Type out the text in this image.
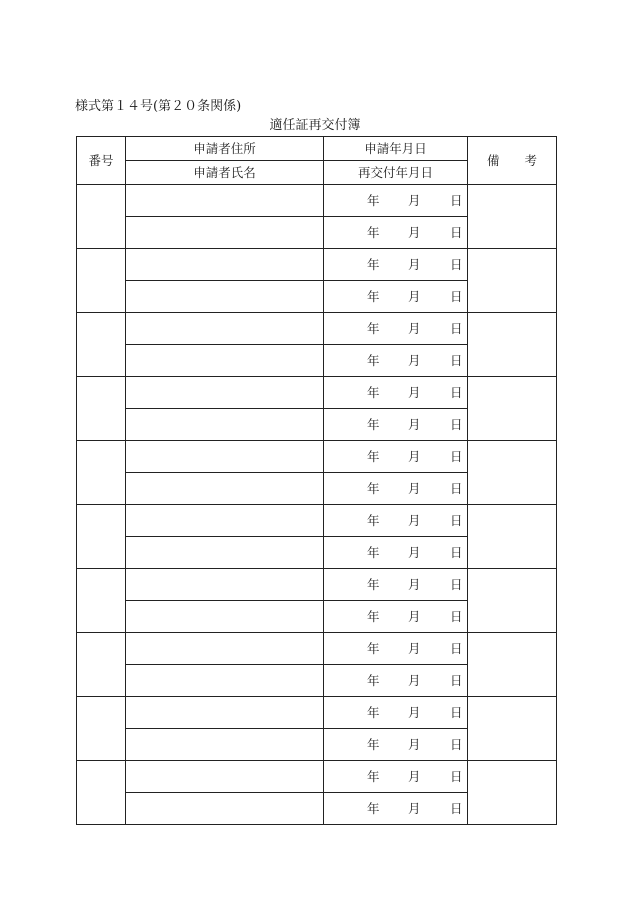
様式第１４号(第２０条関係)
適任証再交付簿
番号	申請者住所	申請年月日	備　　考
	申請者氏名	再交付年月日	

		年 月 日	

		年 月 日	

		年 月 日	

		年 月 日	

		年 月 日	

		年 月 日	

		年 月 日	

		年 月 日	

		年 月 日	

		年 月 日	

		年 月 日	

		年 月 日	

		年 月 日	

		年 月 日	

		年 月 日	

		年 月 日	

		年 月 日	

		年 月 日	

		年 月 日	

		年 月 日	
